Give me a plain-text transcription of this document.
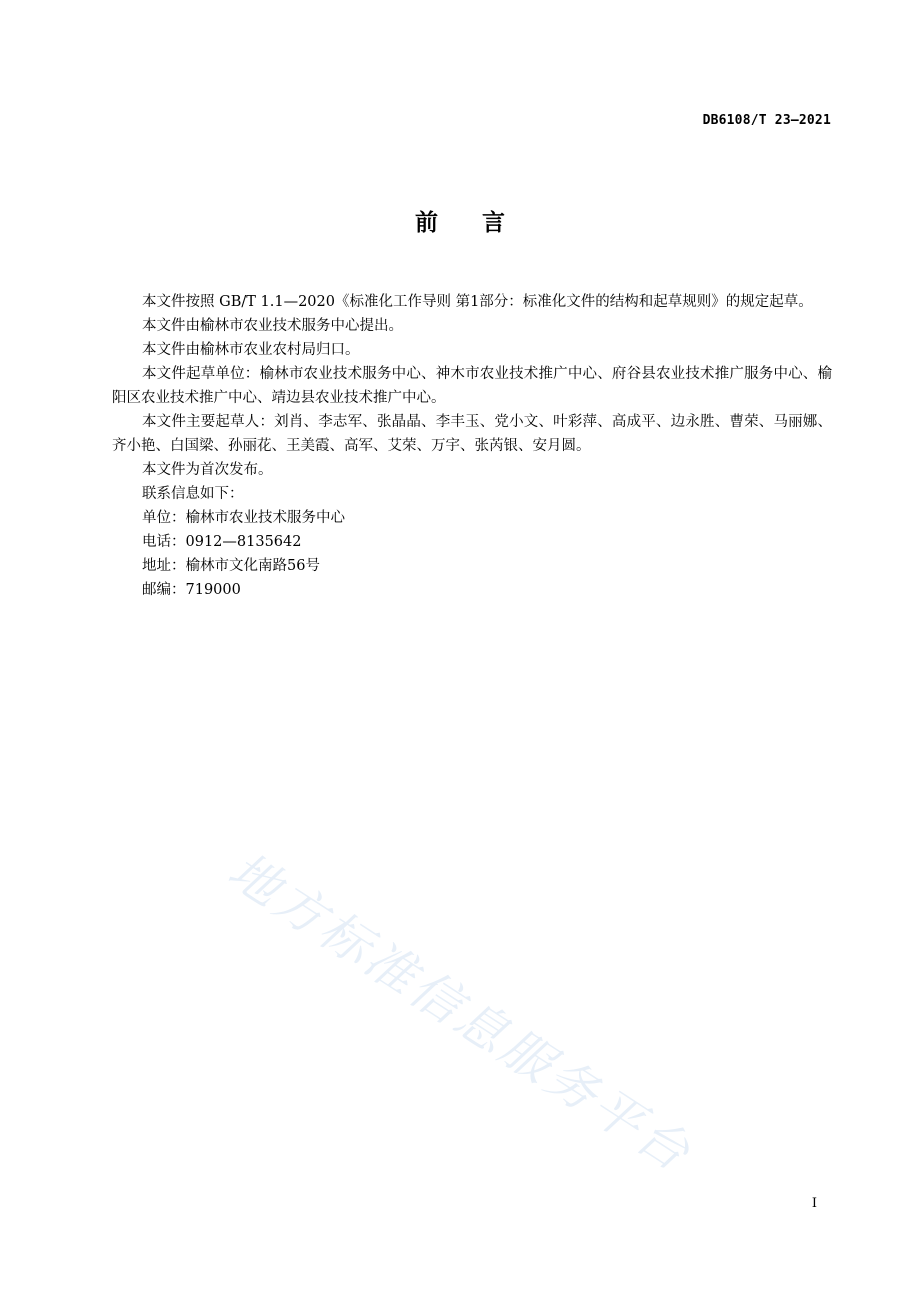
DB6108/T 23—2021
前 言

本文件按照 GB/T 1.1—2020《标准化工作导则 第1部分：标准化文件的结构和起草规则》的规定起草。

本文件由榆林市农业技术服务中心提出。

本文件由榆林市农业农村局归口。

本文件起草单位：榆林市农业技术服务中心、神木市农业技术推广中心、府谷县农业技术推广服务中心、榆阳区农业技术推广中心、靖边县农业技术推广中心。

本文件主要起草人：刘肖、李志军、张晶晶、李丰玉、党小文、叶彩萍、高成平、边永胜、曹荣、马丽娜、齐小艳、白国梁、孙丽花、王美霞、高军、艾荣、万宇、张芮银、安月圆。

本文件为首次发布。

联系信息如下：

单位：榆林市农业技术服务中心

电话：0912—8135642

地址：榆林市文化南路56号

邮编：719000

地方标准信息服务平台
I
